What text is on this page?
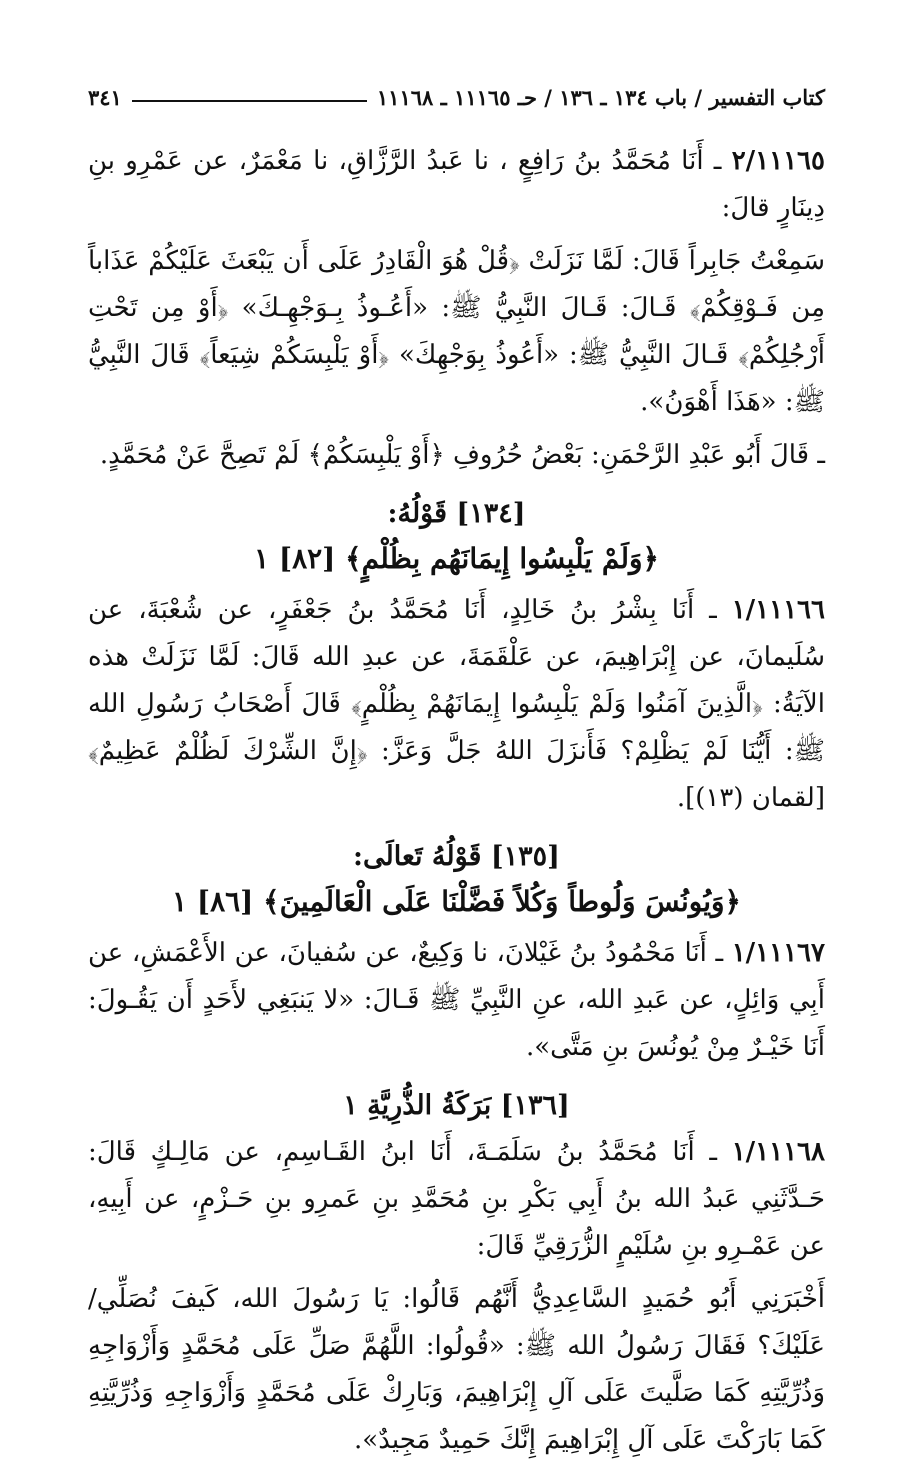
كتاب التفسير / باب ١٣٤ ـ ١٣٦ / حـ ١١١٦٥ ـ ١١١٦٨
٣٤١

٢/١١١٦٥ ـ أَنَا مُحَمَّدُ بنُ رَافِعٍ ، نا عَبدُ الرَّزَّاقِ، نا مَعْمَرٌ، عن عَمْرِو بنِ دِينَارٍ قالَ:

سَمِعْتُ جَابِراً قَالَ: لَمَّا نَزَلَتْ ﴿قُلْ هُوَ الْقَادِرُ عَلَى أَن يَبْعَثَ عَلَيْكُمْ عَذَاباً مِن فَـوْقِكُمْ﴾ قَـالَ: قَـالَ النَّبِيُّ ﷺ: «أَعُـوذُ بِـوَجْهِـكَ» ﴿أَوْ مِن تَحْتِ أَرْجُلِكُمْ﴾ قَـالَ النَّبِيُّ ﷺ: «أَعُوذُ بِوَجْهِكَ» ﴿أَوْ يَلْبِسَكُمْ شِيَعاً﴾ قَالَ النَّبِيُّ ﷺ: «هَذَا أَهْوَنُ».

ـ قَالَ أَبُو عَبْدِ الرَّحْمَنِ: بَعْضُ حُرُوفِ ﴿أَوْ يَلْبِسَكُمْ﴾ لَمْ تَصِحَّ عَنْ مُحَمَّدٍ.

[١٣٤] قَوْلُهُ:
﴿وَلَمْ يَلْبِسُوا إِيمَانَهُم بِظُلْمٍ﴾ [٨٢] ١

١/١١١٦٦ ـ أَنَا بِشْرُ بنُ خَالِدٍ، أَنَا مُحَمَّدُ بنُ جَعْفَرٍ، عن شُعْبَةَ، عن سُلَيمانَ، عن إِبْرَاهِيمَ، عن عَلْقَمَةَ، عن عبدِ الله قَالَ: لَمَّا نَزَلَتْ هذه الآيَةُ: ﴿الَّذِينَ آمَنُوا وَلَمْ يَلْبِسُوا إِيمَانَهُمْ بِظُلْمٍ﴾ قَالَ أَصْحَابُ رَسُولِ الله ﷺ: أَيُّنَا لَمْ يَظْلِمْ؟ فَأَنزَلَ اللهُ جَلَّ وَعَزَّ: ﴿إِنَّ الشِّرْكَ لَظُلْمٌ عَظِيمٌ﴾ [لقمان (١٣)].

[١٣٥] قَوْلُهُ تَعالَى:
﴿وَيُونُسَ وَلُوطاً وَكُلاً فَضَّلْنَا عَلَى الْعَالَمِينَ﴾ [٨٦] ١

١/١١١٦٧ ـ أَنَا مَحْمُودُ بنُ غَيْلانَ، نا وَكِيعٌ، عن سُفيانَ، عن الأَعْمَشِ، عن أَبِي وَائِلٍ، عن عَبدِ الله، عنِ النَّبِيِّ ﷺ قَـالَ: «لا يَنبَغِي لأَحَدٍ أَن يَقُـولَ: أَنَا خَيْـرٌ مِنْ يُونُسَ بنِ مَتَّى».

[١٣٦] بَرَكَةُ الذُّرِيَّةِ ١

١/١١١٦٨ ـ أَنَا مُحَمَّدُ بنُ سَلَمَـةَ، أَنَا ابنُ القَـاسِمِ، عن مَالِـكٍ قَالَ: حَـدَّثَنِي عَبدُ الله بنُ أَبِي بَكْرِ بنِ مُحَمَّدِ بنِ عَمرِو بنِ حَـزْمٍ، عن أَبِيهِ، عن عَمْـرِو بنِ سُلَيْمٍ الزُّرَقِيِّ قَالَ:

أَخْبَرَنِي أَبُو حُمَيدٍ السَّاعِدِيُّ أَنَّهُم قَالُوا: يَا رَسُولَ الله، كَيفَ نُصَلِّي/ عَلَيْكَ؟ فَقَالَ رَسُولُ الله ﷺ: «قُولُوا: اللَّهُمَّ صَلِّ عَلَى مُحَمَّدٍ وَأَزْوَاجِهِ وَذُرِّيَّتِهِ كَمَا صَلَّيتَ عَلَى آلِ إِبْرَاهِيمَ، وَبَارِكْ عَلَى مُحَمَّدٍ وَأَزْوَاجِهِ وَذُرِّيَّتِهِ كَمَا بَارَكْتَ عَلَى آلِ إِبْرَاهِيمَ إِنَّكَ حَمِيدٌ مَجِيدٌ».
